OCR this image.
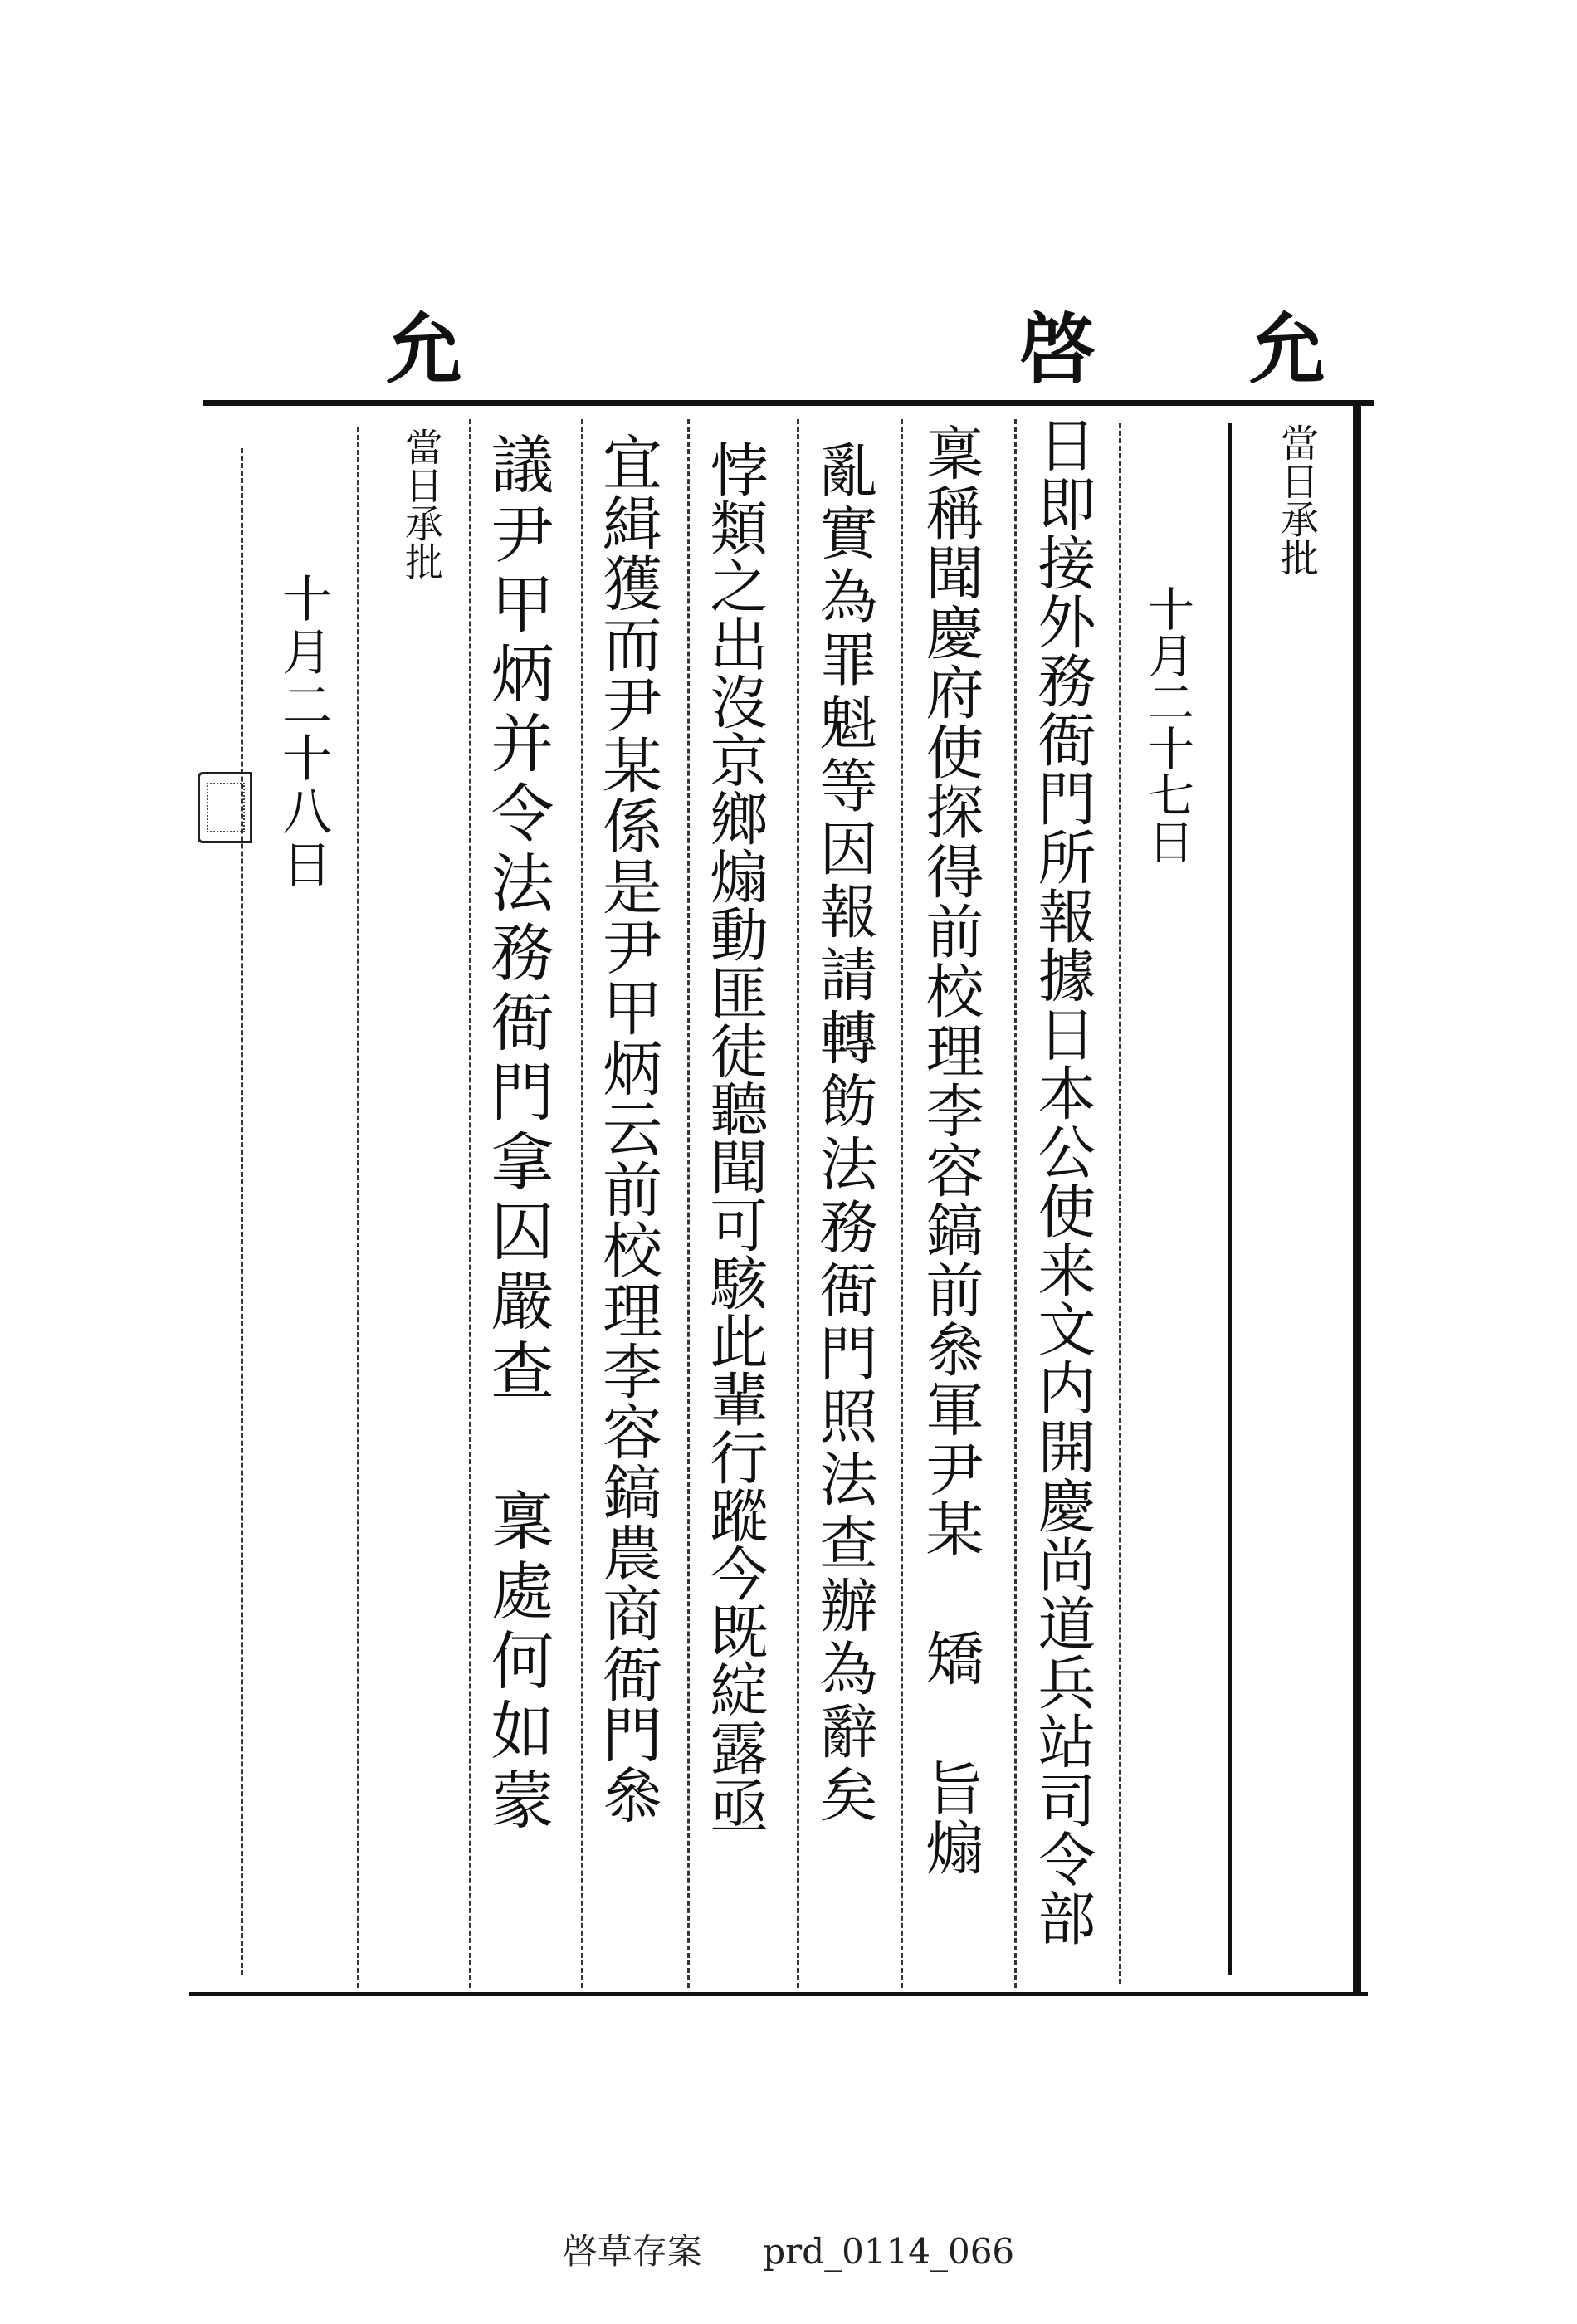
允
啓
允
當日承批
十月二十七日
日即接外務衙門所報據日本公使来文内開慶尚道兵站司令部
稟稱聞慶府使探得前校理李容鎬前叅軍尹某 矯 旨煽
亂實為罪魁等因報請轉飭法務衙門照法查辦為辭矣
悖類之出沒京鄉煽動匪徒聽聞可駭此輩行蹤今既綻露亟
宜緝獲而尹某係是尹甲炳云前校理李容鎬農商衙門叅
議尹甲炳并令法務衙門拿囚嚴查 稟處何如蒙
當日承批
十月二十八日
啓草存案 prd_0114_066
